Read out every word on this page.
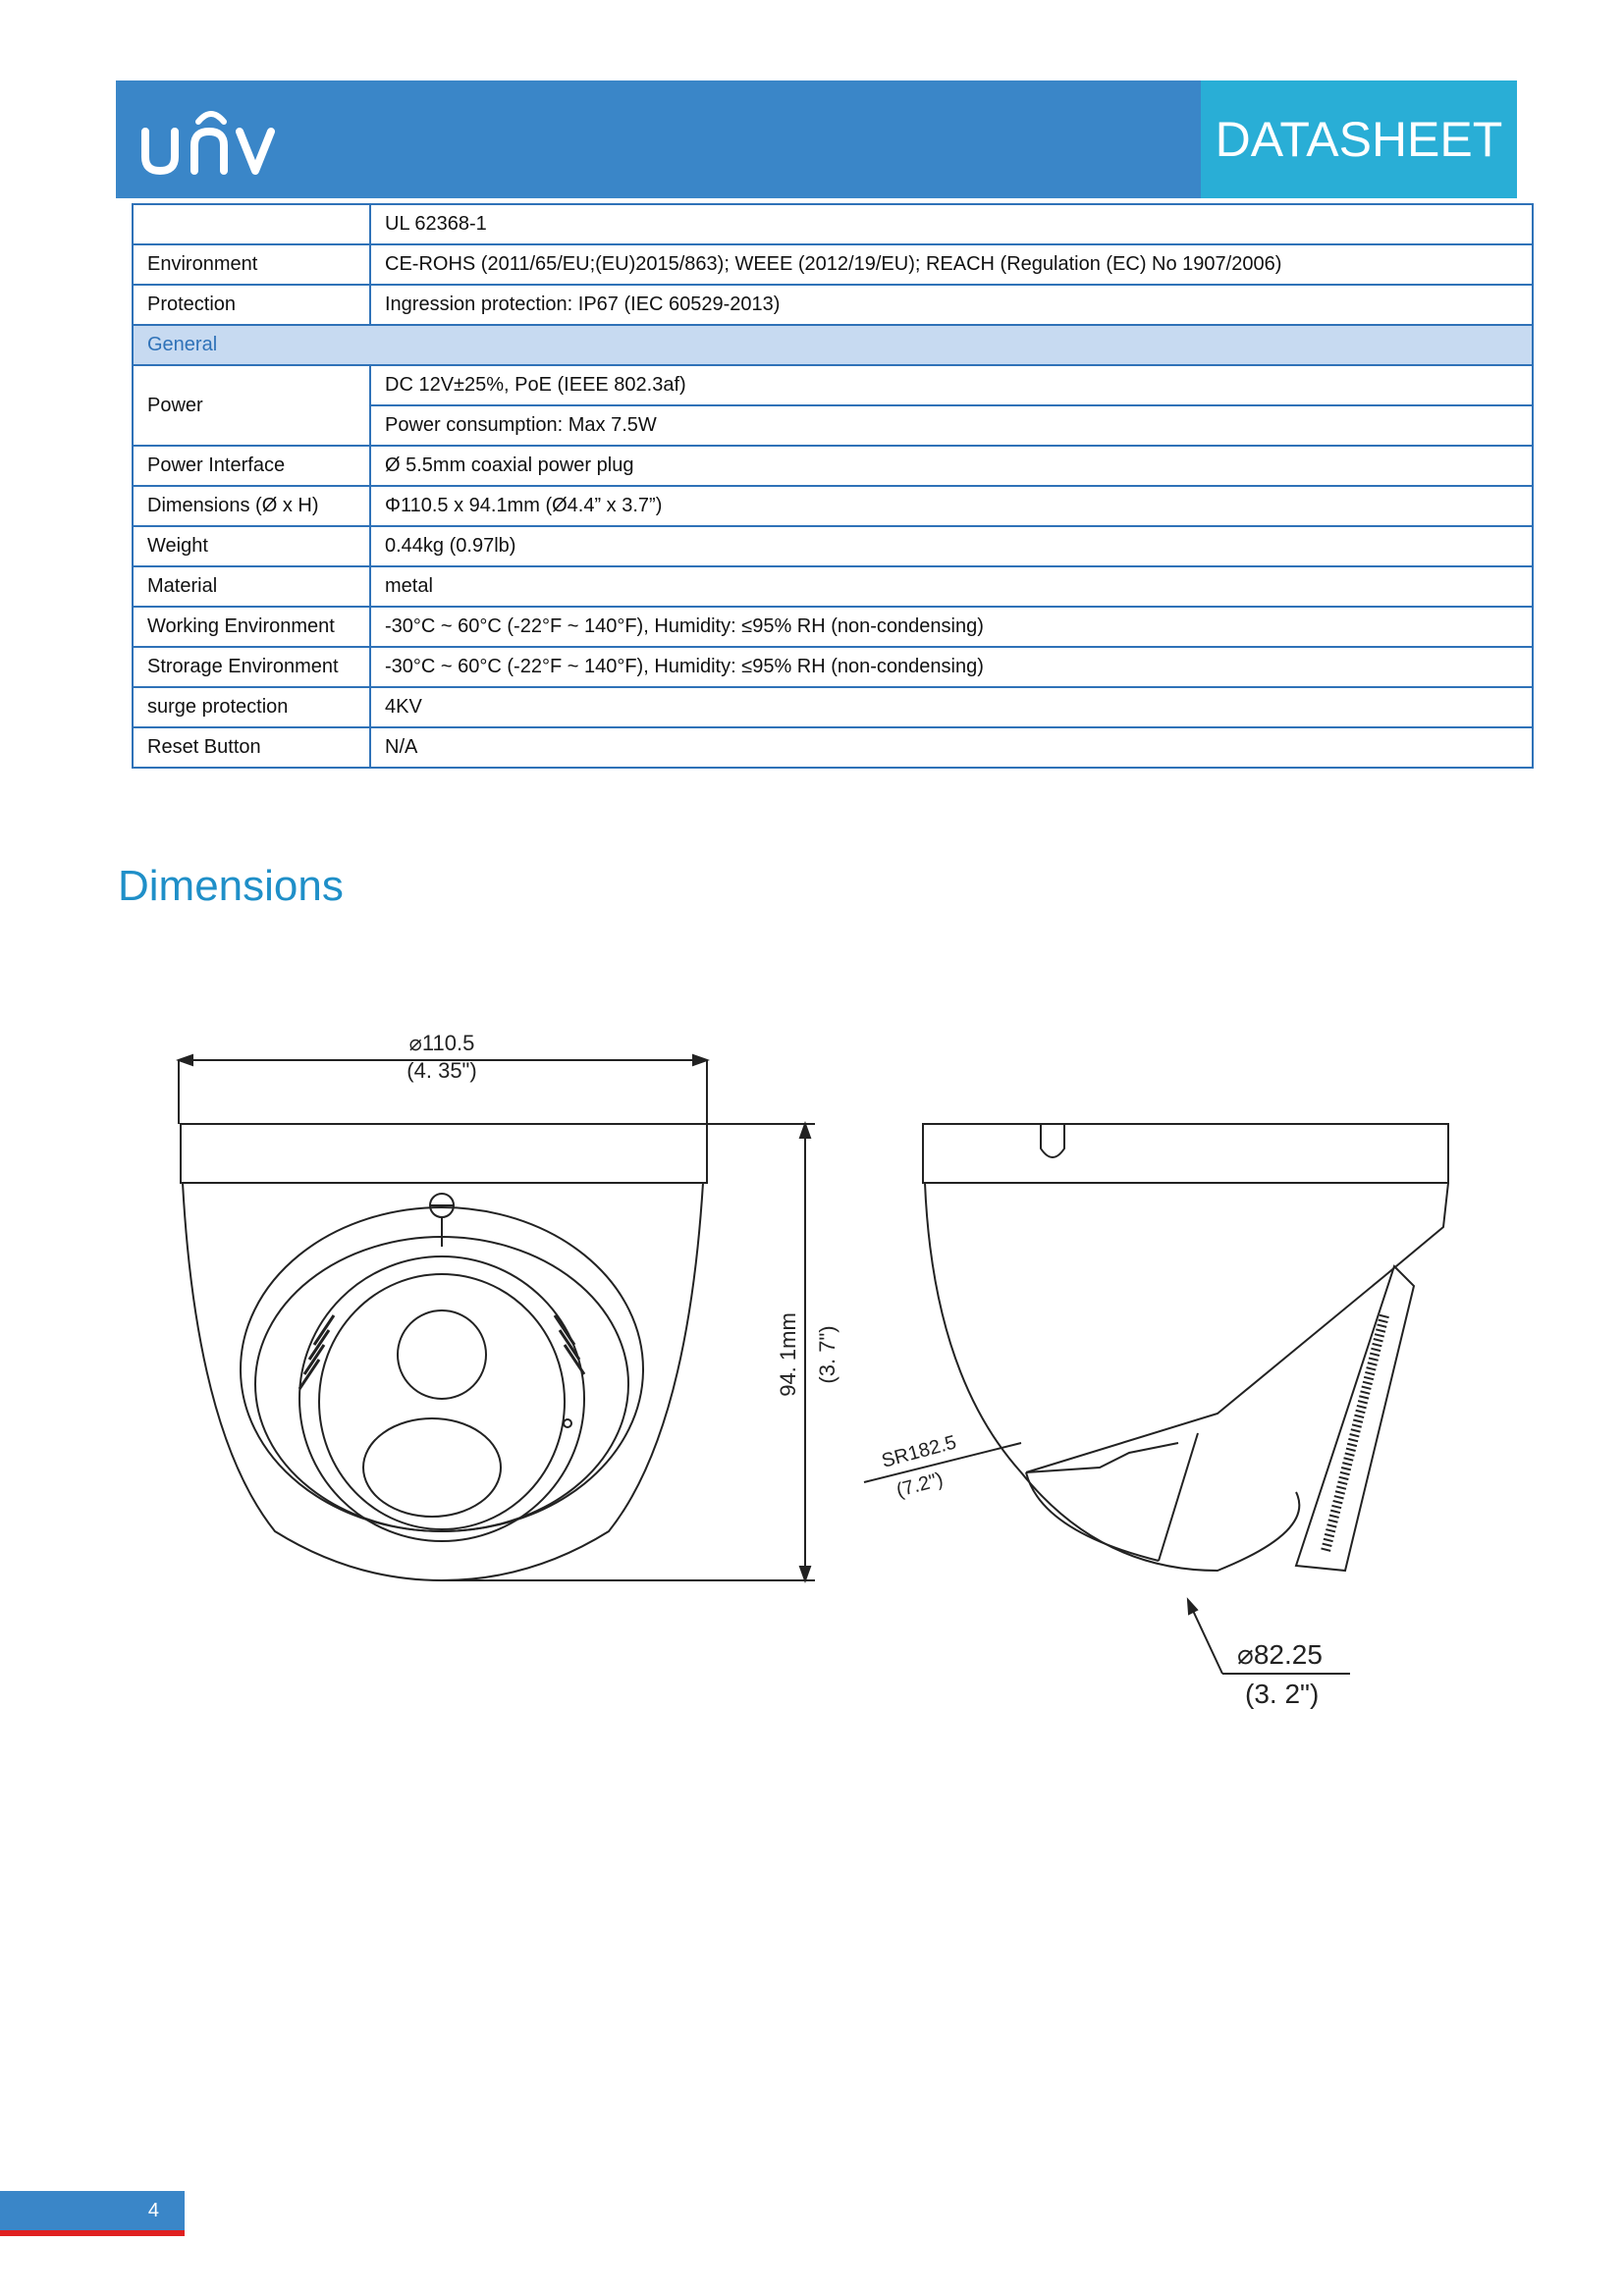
DATASHEET
	UL 62368-1
Environment	CE-ROHS (2011/65/EU;(EU)2015/863); WEEE (2012/19/EU); REACH (Regulation (EC) No 1907/2006)
Protection	Ingression protection: IP67 (IEC 60529-2013)
General	
Power	DC 12V±25%, PoE (IEEE 802.3af)
	Power consumption: Max 7.5W
Power Interface	Ø 5.5mm coaxial power plug
Dimensions (Ø x H)	Φ110.5 x 94.1mm (Ø4.4” x 3.7”)
Weight	0.44kg (0.97lb)
Material	metal
Working Environment	-30°C ~ 60°C (-22°F ~ 140°F), Humidity: ≤95% RH (non-condensing)
Strorage Environment	-30°C ~ 60°C (-22°F ~ 140°F), Humidity: ≤95% RH (non-condensing)
surge protection	4KV
Reset Button	N/A
Dimensions
⌀110.5
(4. 35")
94. 1mm (3. 7")
SR182.5
(7.2")
⌀82.25
(3. 2")
4
